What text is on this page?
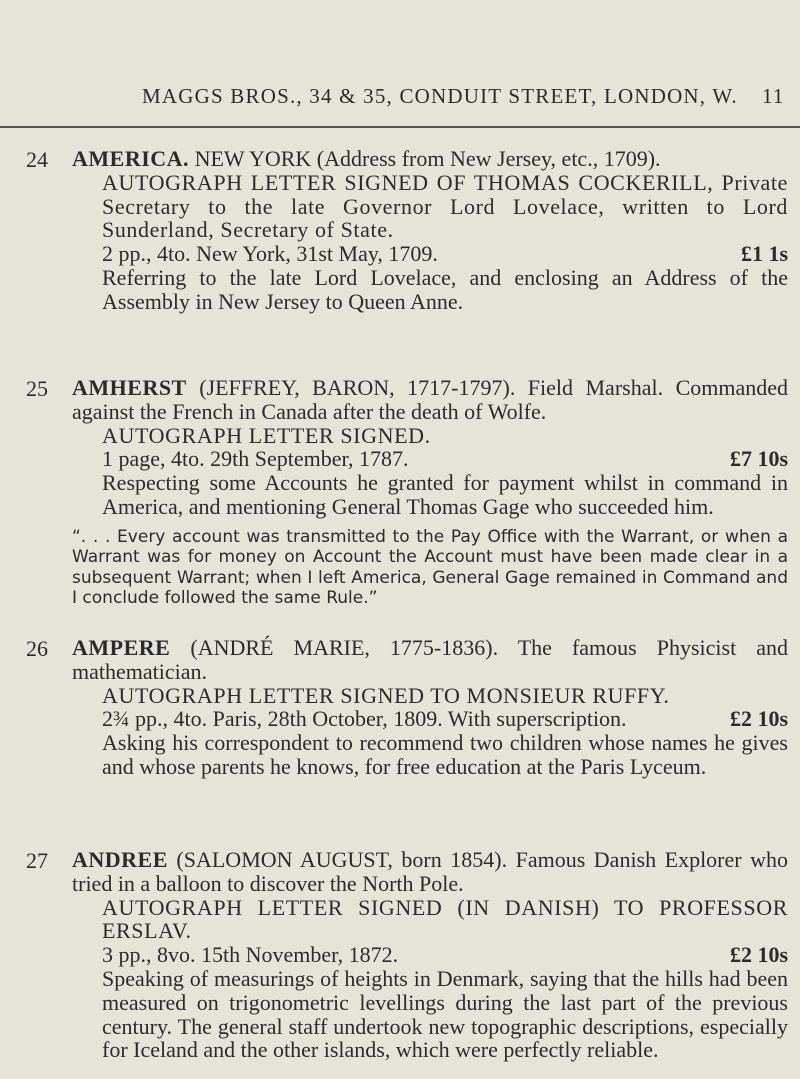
MAGGS BROS., 34 & 35, CONDUIT STREET, LONDON, W. 11
24 AMERICA. NEW YORK (Address from New Jersey, etc., 1709).

AUTOGRAPH LETTER SIGNED OF THOMAS COCKERILL, Private Secretary to the late Governor Lord Lovelace, written to Lord Sunderland, Secretary of State.

2 pp., 4to. New York, 31st May, 1709.	£1 1s

Referring to the late Lord Lovelace, and enclosing an Address of the Assembly in New Jersey to Queen Anne.

25 AMHERST (JEFFREY, BARON, 1717-1797). Field Marshal. Commanded against the French in Canada after the death of Wolfe.

AUTOGRAPH LETTER SIGNED.

1 page, 4to. 29th September, 1787.	£7 10s

Respecting some Accounts he granted for payment whilst in command in America, and mentioning General Thomas Gage who succeeded him.

“. . . Every account was transmitted to the Pay Office with the Warrant, or when a Warrant was for money on Account the Account must have been made clear in a subsequent Warrant; when I left America, General Gage remained in Command and I conclude followed the same Rule.”

26 AMPERE (ANDRÉ MARIE, 1775-1836). The famous Physicist and mathematician.

AUTOGRAPH LETTER SIGNED TO MONSIEUR RUFFY.

2¾ pp., 4to. Paris, 28th October, 1809. With superscription.	£2 10s

Asking his correspondent to recommend two children whose names he gives and whose parents he knows, for free education at the Paris Lyceum.

27 ANDREE (SALOMON AUGUST, born 1854). Famous Danish Explorer who tried in a balloon to discover the North Pole.

AUTOGRAPH LETTER SIGNED (IN DANISH) TO PROFESSOR ERSLAV.

3 pp., 8vo. 15th November, 1872.	£2 10s

Speaking of measurings of heights in Denmark, saying that the hills had been measured on trigonometric levellings during the last part of the previous century. The general staff undertook new topographic descriptions, especially for Iceland and the other islands, which were perfectly reliable.
